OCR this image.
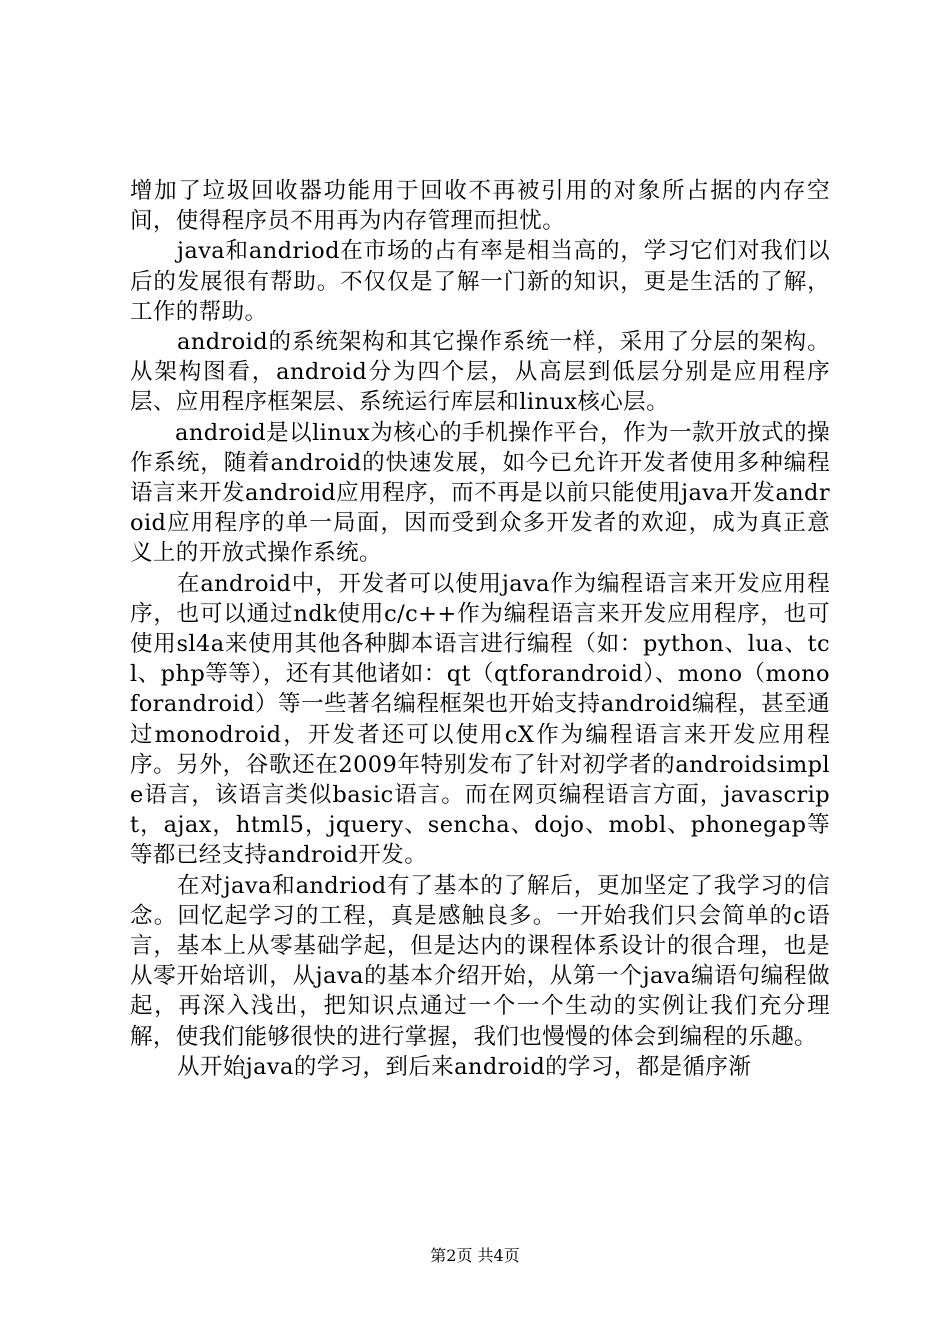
增加了垃圾回收器功能用于回收不再被引用的对象所占据的内存空间，使得程序员不用再为内存管理而担忧。

java和andriod在市场的占有率是相当高的，学习它们对我们以后的发展很有帮助。不仅仅是了解一门新的知识，更是生活的了解，工作的帮助。

android的系统架构和其它操作系统一样，采用了分层的架构。从架构图看，android分为四个层，从高层到低层分别是应用程序层、应用程序框架层、系统运行库层和linux核心层。

android是以linux为核心的手机操作平台，作为一款开放式的操作系统，随着android的快速发展，如今已允许开发者使用多种编程语言来开发android应用程序，而不再是以前只能使用java开发android应用程序的单一局面，因而受到众多开发者的欢迎，成为真正意义上的开放式操作系统。

在android中，开发者可以使用java作为编程语言来开发应用程序，也可以通过ndk使用c/c++作为编程语言来开发应用程序，也可使用sl4a来使用其他各种脚本语言进行编程（如：python、lua、tcl、php等等），还有其他诸如：qt（qtforandroid）、mono（monoforandroid）等一些著名编程框架也开始支持android编程，甚至通过monodroid，开发者还可以使用cX作为编程语言来开发应用程序。另外，谷歌还在2009年特别发布了针对初学者的androidsimple语言，该语言类似basic语言。而在网页编程语言方面，javascript，ajax，html5，jquery、sencha、dojo、mobl、phonegap等等都已经支持android开发。

在对java和andriod有了基本的了解后，更加坚定了我学习的信念。回忆起学习的工程，真是感触良多。一开始我们只会简单的c语言，基本上从零基础学起，但是达内的课程体系设计的很合理，也是从零开始培训，从java的基本介绍开始，从第一个java编语句编程做起，再深入浅出，把知识点通过一个一个生动的实例让我们充分理解，使我们能够很快的进行掌握，我们也慢慢的体会到编程的乐趣。

从开始java的学习，到后来android的学习，都是循序渐

第2页 共4页
